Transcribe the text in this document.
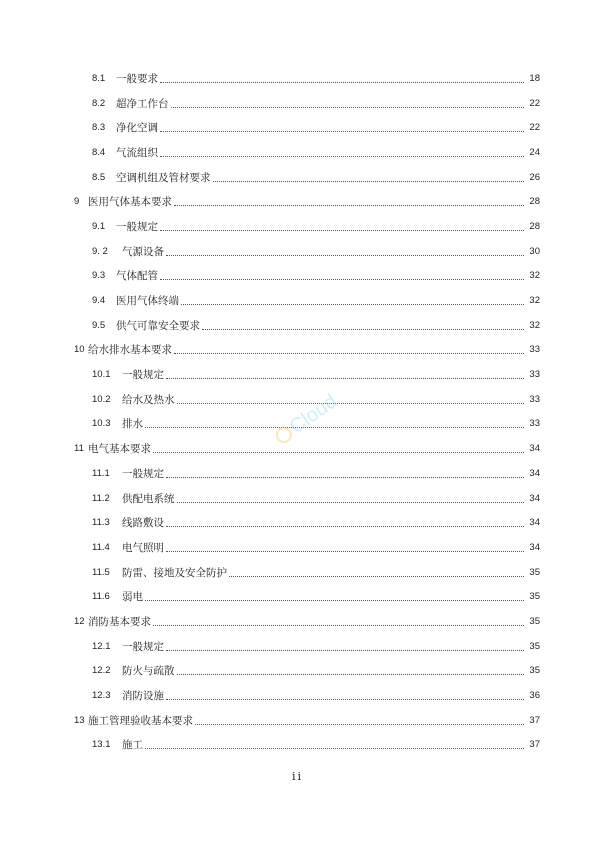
8.1	一般要求	18
8.2	超净工作台	22
8.3	净化空调	22
8.4	气流组织	24
8.5	空调机组及管材要求	26
9 医用气体基本要求	28
9.1	一般规定	28
9. 2	气源设备	30
9.3	气体配管	32
9.4	医用气体终端	32
9.5	供气可靠安全要求	32
10 给水排水基本要求	33
10.1	一般规定	33
10.2	给水及热水	33
10.3	排水	33
11 电气基本要求	34
11.1	一般规定	34
11.2	供配电系统	34
11.3	线路敷设	34
11.4	电气照明	34
11.5	防雷、接地及安全防护	35
11.6	弱电	35
12 消防基本要求	35
12.1	一般规定	35
12.2	防火与疏散	35
12.3	消防设施	36
13 施工管理验收基本要求	37
13.1	施工	37
Cloud
ii
